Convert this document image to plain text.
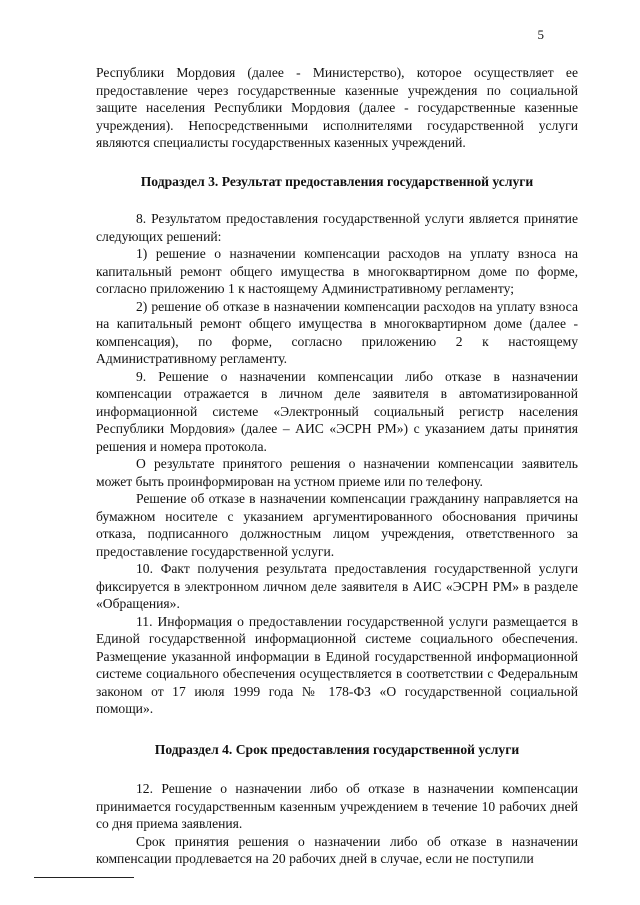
5

Республики Мордовия (далее - Министерство), которое осуществляет ее предоставление через государственные казенные учреждения по социальной защите населения Республики Мордовия (далее - государственные казенные учреждения). Непосредственными исполнителями государственной услуги являются специалисты государственных казенных учреждений.

Подраздел 3. Результат предоставления государственной услуги

8. Результатом предоставления государственной услуги является принятие следующих решений:

1) решение о назначении компенсации расходов на уплату взноса на капитальный ремонт общего имущества в многоквартирном доме по форме, согласно приложению 1 к настоящему Административному регламенту;

2) решение об отказе в назначении компенсации расходов на уплату взноса на капитальный ремонт общего имущества в многоквартирном доме (далее - компенсация), по форме, согласно приложению 2 к настоящему Административному регламенту.

9. Решение о назначении компенсации либо отказе в назначении компенсации отражается в личном деле заявителя в автоматизированной информационной системе «Электронный социальный регистр населения Республики Мордовия» (далее – АИС «ЭСРН РМ») с указанием даты принятия решения и номера протокола.

О результате принятого решения о назначении компенсации заявитель может быть проинформирован на устном приеме или по телефону.

Решение об отказе в назначении компенсации гражданину направляется на бумажном носителе с указанием аргументированного обоснования причины отказа, подписанного должностным лицом учреждения, ответственного за предоставление государственной услуги.

10. Факт получения результата предоставления государственной услуги фиксируется в электронном личном деле заявителя в АИС «ЭСРН РМ» в разделе «Обращения».

11. Информация о предоставлении государственной услуги размещается в Единой государственной информационной системе социального обеспечения. Размещение указанной информации в Единой государственной информационной системе социального обеспечения осуществляется в соответствии с Федеральным законом от 17 июля 1999 года № 178-ФЗ «О государственной социальной помощи».

Подраздел 4. Срок предоставления государственной услуги

12. Решение о назначении либо об отказе в назначении компенсации принимается государственным казенным учреждением в течение 10 рабочих дней со дня приема заявления.

Срок принятия решения о назначении либо об отказе в назначении компенсации продлевается на 20 рабочих дней в случае, если не поступили
